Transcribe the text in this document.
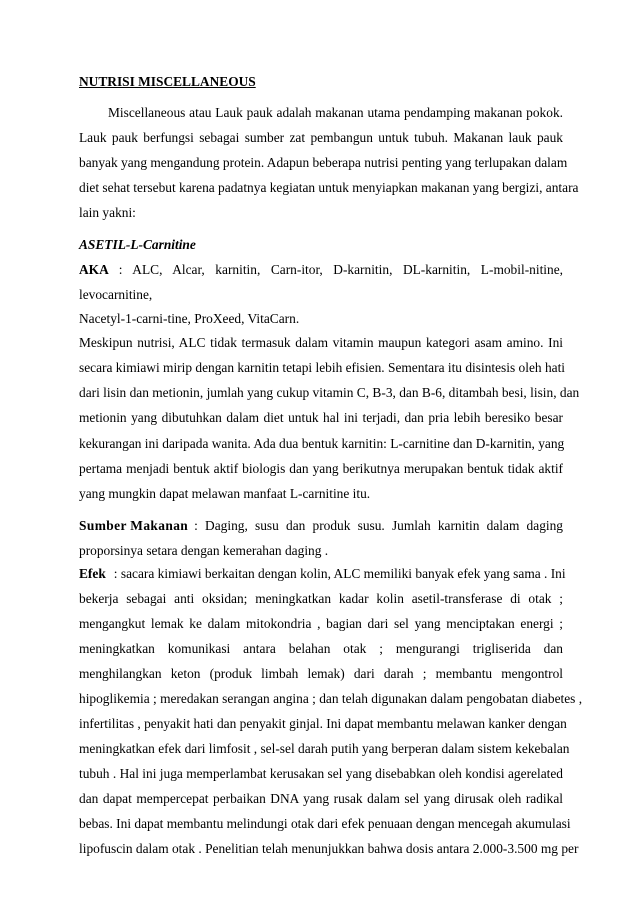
NUTRISI MISCELLANEOUS
Miscellaneous atau Lauk pauk adalah makanan utama pendamping makanan pokok.
Lauk pauk berfungsi sebagai sumber zat pembangun untuk tubuh. Makanan lauk pauk
banyak yang mengandung protein. Adapun beberapa nutrisi penting yang terlupakan dalam
diet sehat tersebut karena padatnya kegiatan untuk menyiapkan makanan yang bergizi, antara
lain yakni:
ASETIL-L-Carnitine
AKA : ALC, Alcar, karnitin, Carn-itor, D-karnitin, DL-karnitin, L-mobil-nitine,
levocarnitine,
Nacetyl-1-carni-tine, ProXeed, VitaCarn.
Meskipun nutrisi, ALC tidak termasuk dalam vitamin maupun kategori asam amino. Ini
secara kimiawi mirip dengan karnitin tetapi lebih efisien. Sementara itu disintesis oleh hati
dari lisin dan metionin, jumlah yang cukup vitamin C, B-3, dan B-6, ditambah besi, lisin, dan
metionin yang dibutuhkan dalam diet untuk hal ini terjadi, dan pria lebih beresiko besar
kekurangan ini daripada wanita. Ada dua bentuk karnitin: L-carnitine dan D-karnitin, yang
pertama menjadi bentuk aktif biologis dan yang berikutnya merupakan bentuk tidak aktif
yang mungkin dapat melawan manfaat L-carnitine itu.
Sumber Makanan : Daging, susu dan produk susu. Jumlah karnitin dalam daging
proporsinya setara dengan kemerahan daging .
Efek : sacara kimiawi berkaitan dengan kolin, ALC memiliki banyak efek yang sama . Ini
bekerja sebagai anti oksidan; meningkatkan kadar kolin asetil-transferase di otak ;
mengangkut lemak ke dalam mitokondria , bagian dari sel yang menciptakan energi ;
meningkatkan komunikasi antara belahan otak ; mengurangi trigliserida dan
menghilangkan keton (produk limbah lemak) dari darah ; membantu mengontrol
hipoglikemia ; meredakan serangan angina ; dan telah digunakan dalam pengobatan diabetes ,
infertilitas , penyakit hati dan penyakit ginjal. Ini dapat membantu melawan kanker dengan
meningkatkan efek dari limfosit , sel-sel darah putih yang berperan dalam sistem kekebalan
tubuh . Hal ini juga memperlambat kerusakan sel yang disebabkan oleh kondisi agerelated
dan dapat mempercepat perbaikan DNA yang rusak dalam sel yang dirusak oleh radikal
bebas. Ini dapat membantu melindungi otak dari efek penuaan dengan mencegah akumulasi
lipofuscin dalam otak . Penelitian telah menunjukkan bahwa dosis antara 2.000-3.500 mg per
